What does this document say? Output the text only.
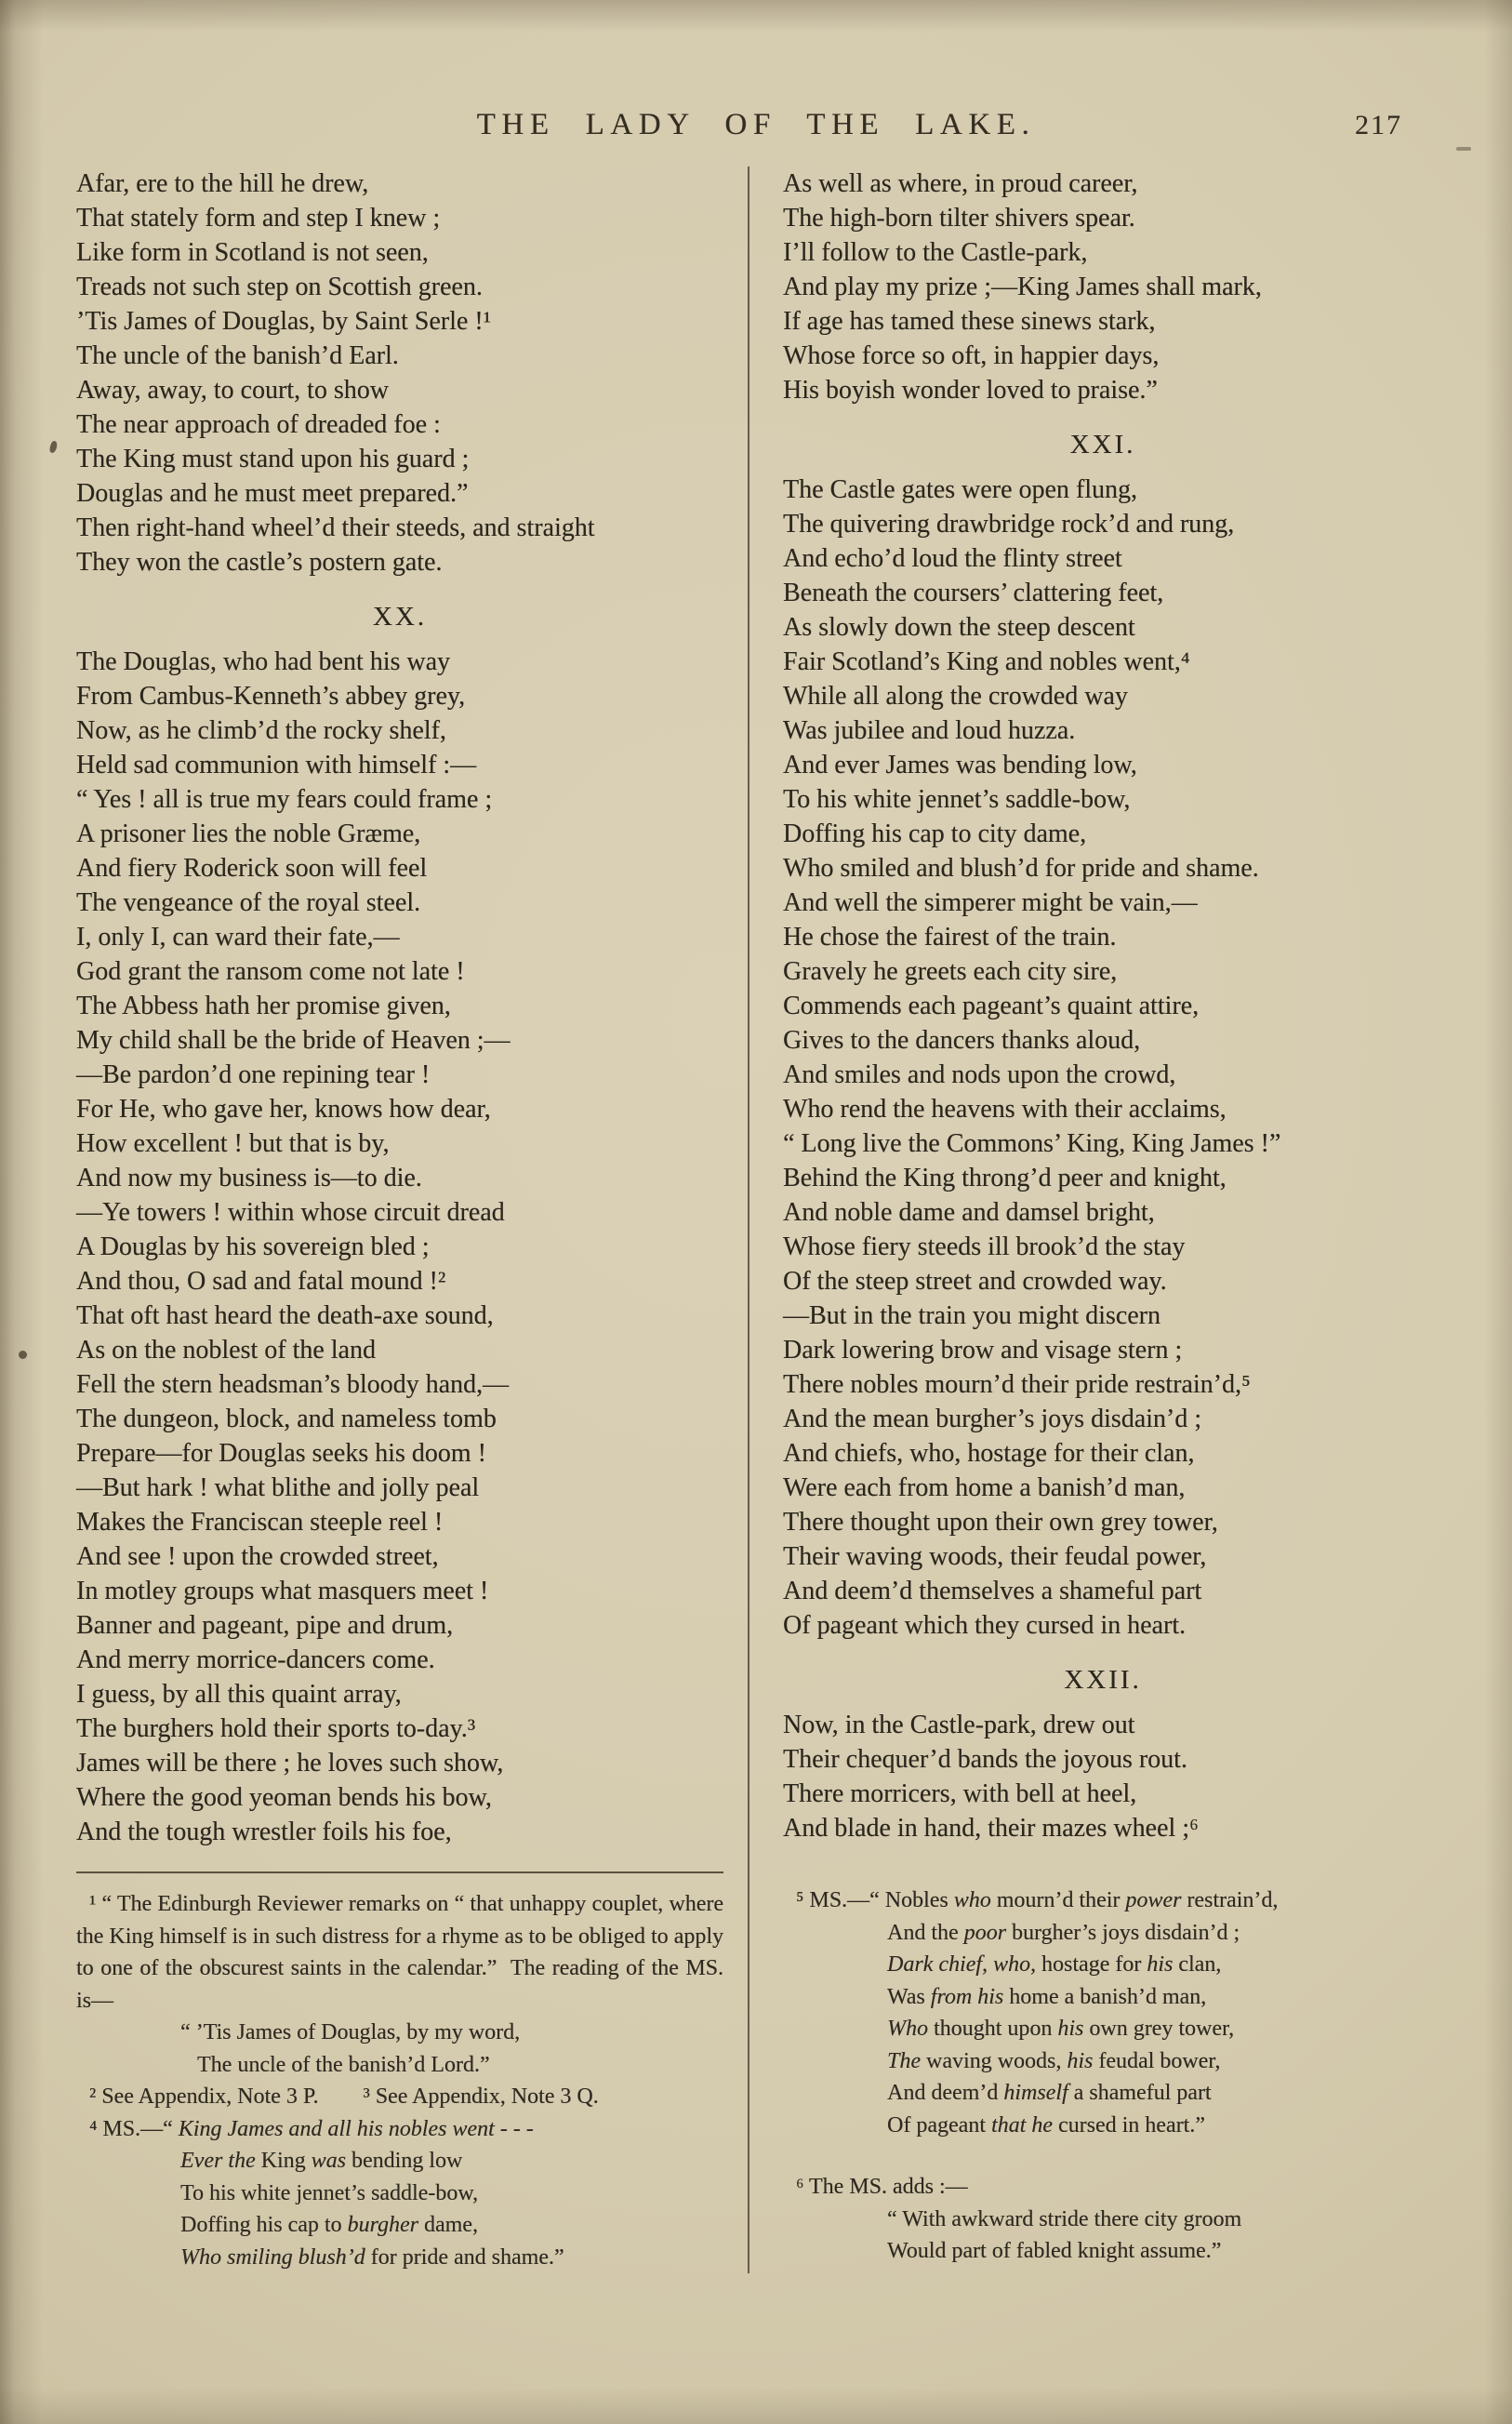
THE LADY OF THE LAKE.	217
Afar, ere to the hill he drew,
That stately form and step I knew ;
Like form in Scotland is not seen,
Treads not such step on Scottish green.
’Tis James of Douglas, by Saint Serle !¹
The uncle of the banish’d Earl.
Away, away, to court, to show
The near approach of dreaded foe :
The King must stand upon his guard ;
Douglas and he must meet prepared.”
Then right-hand wheel’d their steeds, and straight
They won the castle’s postern gate.
XX.
The Douglas, who had bent his way
From Cambus-Kenneth’s abbey grey,
Now, as he climb’d the rocky shelf,
Held sad communion with himself :—
“ Yes ! all is true my fears could frame ;
A prisoner lies the noble Græme,
And fiery Roderick soon will feel
The vengeance of the royal steel.
I, only I, can ward their fate,—
God grant the ransom come not late !
The Abbess hath her promise given,
My child shall be the bride of Heaven ;—
—Be pardon’d one repining tear !
For He, who gave her, knows how dear,
How excellent ! but that is by,
And now my business is—to die.
—Ye towers ! within whose circuit dread
A Douglas by his sovereign bled ;
And thou, O sad and fatal mound !²
That oft hast heard the death-axe sound,
As on the noblest of the land
Fell the stern headsman’s bloody hand,—
The dungeon, block, and nameless tomb
Prepare—for Douglas seeks his doom !
—But hark ! what blithe and jolly peal
Makes the Franciscan steeple reel !
And see ! upon the crowded street,
In motley groups what masquers meet !
Banner and pageant, pipe and drum,
And merry morrice-dancers come.
I guess, by all this quaint array,
The burghers hold their sports to-day.³
James will be there ; he loves such show,
Where the good yeoman bends his bow,
And the tough wrestler foils his foe,
¹ “ The Edinburgh Reviewer remarks on “ that unhappy couplet, where the King himself is in such distress for a rhyme as to be obliged to apply to one of the obscurest saints in the calendar.”  The reading of the MS. is—
“ ’Tis James of Douglas, by my word,
The uncle of the banish’d Lord.”
² See Appendix, Note 3 P.  ³ See Appendix, Note 3 Q.
⁴ MS.—“ King James and all his nobles went - - -
Ever the King was bending low
To his white jennet’s saddle-bow,
Doffing his cap to burgher dame,
Who smiling blush’d for pride and shame.”
As well as where, in proud career,
The high-born tilter shivers spear.
I’ll follow to the Castle-park,
And play my prize ;—King James shall mark,
If age has tamed these sinews stark,
Whose force so oft, in happier days,
His boyish wonder loved to praise.”
XXI.
The Castle gates were open flung,
The quivering drawbridge rock’d and rung,
And echo’d loud the flinty street
Beneath the coursers’ clattering feet,
As slowly down the steep descent
Fair Scotland’s King and nobles went,⁴
While all along the crowded way
Was jubilee and loud huzza.
And ever James was bending low,
To his white jennet’s saddle-bow,
Doffing his cap to city dame,
Who smiled and blush’d for pride and shame.
And well the simperer might be vain,—
He chose the fairest of the train.
Gravely he greets each city sire,
Commends each pageant’s quaint attire,
Gives to the dancers thanks aloud,
And smiles and nods upon the crowd,
Who rend the heavens with their acclaims,
“ Long live the Commons’ King, King James !”
Behind the King throng’d peer and knight,
And noble dame and damsel bright,
Whose fiery steeds ill brook’d the stay
Of the steep street and crowded way.
—But in the train you might discern
Dark lowering brow and visage stern ;
There nobles mourn’d their pride restrain’d,⁵
And the mean burgher’s joys disdain’d ;
And chiefs, who, hostage for their clan,
Were each from home a banish’d man,
There thought upon their own grey tower,
Their waving woods, their feudal power,
And deem’d themselves a shameful part
Of pageant which they cursed in heart.
XXII.
Now, in the Castle-park, drew out
Their chequer’d bands the joyous rout.
There morricers, with bell at heel,
And blade in hand, their mazes wheel ;⁶
⁵ MS.—“ Nobles who mourn’d their power restrain’d,
And the poor burgher’s joys disdain’d ;
Dark chief, who, hostage for his clan,
Was from his home a banish’d man,
Who thought upon his own grey tower,
The waving woods, his feudal bower,
And deem’d himself a shameful part
Of pageant that he cursed in heart.”
⁶ The MS. adds :—
“ With awkward stride there city groom
Would part of fabled knight assume.”
